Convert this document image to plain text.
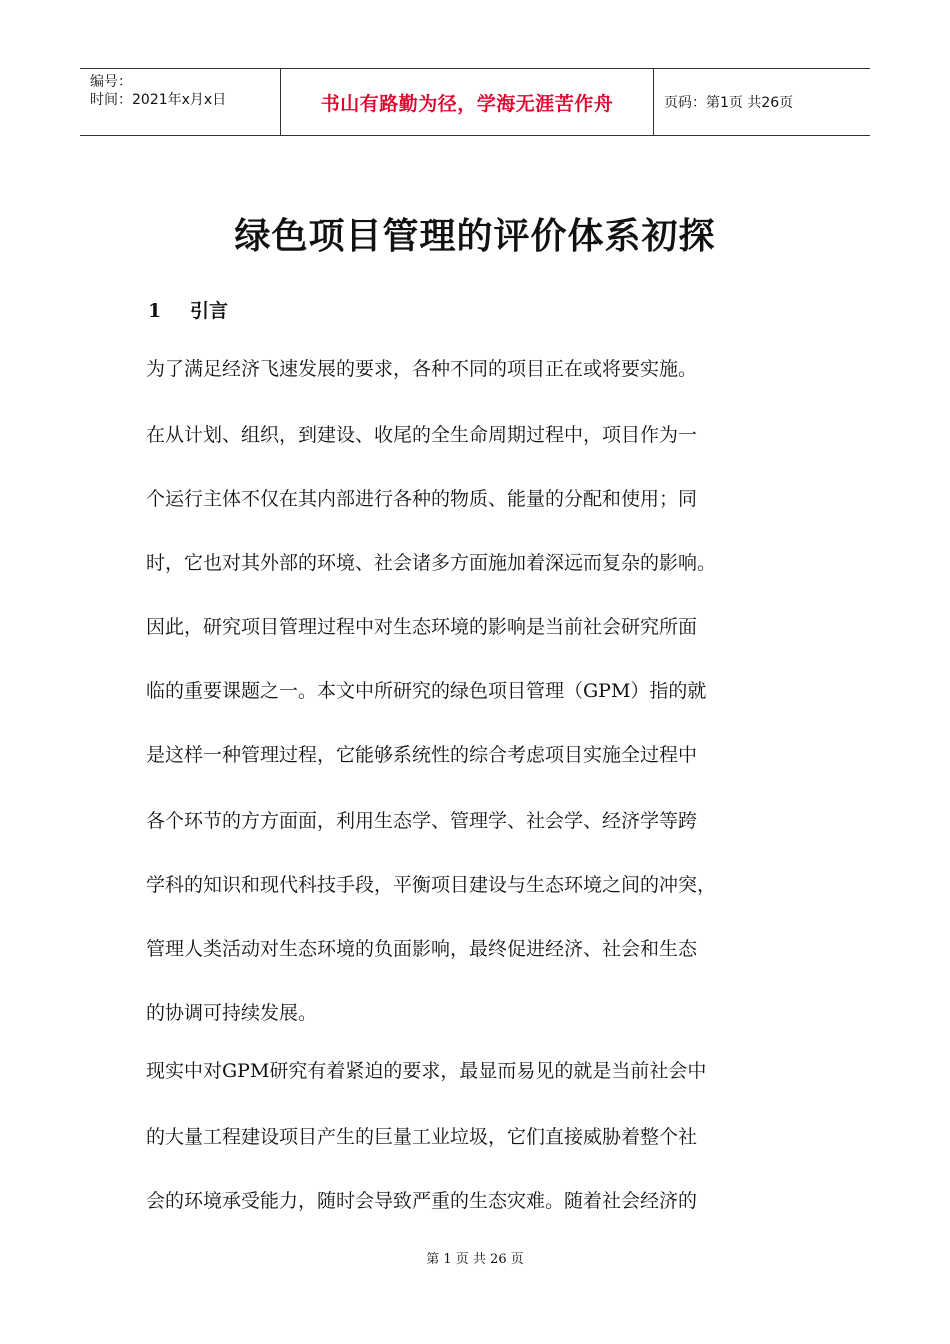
编号：
时间：2021年x月x日	书山有路勤为径，学海无涯苦作舟	页码：第1页 共26页
绿色项目管理的评价体系初探
1 引言

为了满足经济飞速发展的要求，各种不同的项目正在或将要实施。

在从计划、组织，到建设、收尾的全生命周期过程中，项目作为一

个运行主体不仅在其内部进行各种的物质、能量的分配和使用；同

时，它也对其外部的环境、社会诸多方面施加着深远而复杂的影响。

因此，研究项目管理过程中对生态环境的影响是当前社会研究所面

临的重要课题之一。本文中所研究的绿色项目管理（GPM）指的就

是这样一种管理过程，它能够系统性的综合考虑项目实施全过程中

各个环节的方方面面，利用生态学、管理学、社会学、经济学等跨

学科的知识和现代科技手段，平衡项目建设与生态环境之间的冲突，

管理人类活动对生态环境的负面影响，最终促进经济、社会和生态

的协调可持续发展。

现实中对GPM研究有着紧迫的要求，最显而易见的就是当前社会中

的大量工程建设项目产生的巨量工业垃圾，它们直接威胁着整个社

会的环境承受能力，随时会导致严重的生态灾难。随着社会经济的

第 1 页 共 26 页
